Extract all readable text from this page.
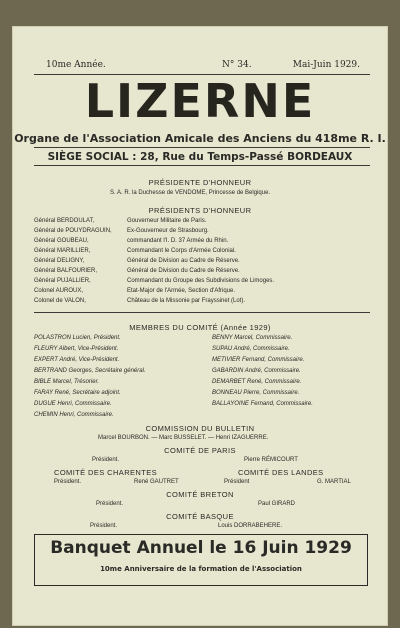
10me Année.	N° 34.	Mai-Juin 1929.
LIZERNE
Organe de l'Association Amicale des Anciens du 418me R. I.
SIÈGE SOCIAL : 28, Rue du Temps-Passé BORDEAUX
PRÉSIDENTE D'HONNEUR
S. A. R. la Duchesse de VENDOME, Princesse de Belgique.
PRÉSIDENTS D'HONNEUR
Général BERDOULAT,	Gouverneur Militaire de Paris.
Général de POUYDRAGUIN,	Ex-Gouverneur de Strasbourg.
Général GOUBEAU,	commandant l'I. D. 37 Armée du Rhin.
Général MARILLIER,	Commandant le Corps d'Armée Colonial.
Général DELIGNY,	Général de Division au Cadre de Réserve.
Général BALFOURIER,	Général de Division du Cadre de Réserve.
Général PUJALLIER,	Commandant du Groupe des Subdivisions de Limoges.
Colonel AUROUX,	Etat-Major de l'Armée, Section d'Afrique.
Colonel de VALON,	Château de la Missonie par Frayssinet (Lot).
MEMBRES DU COMITÉ (Année 1929)
POLASTRON Lucien, Président.
FLEURY Albert, Vice-Président.
EXPERT André, Vice-Président.
BERTRAND Georges, Secrétaire général.
BIBLE Marcel, Trésorier.
FARAY René, Secrétaire adjoint.
DUGUE Henri, Commissaire.
CHEMIN Henri, Commissaire.
BENNY Marcel, Commissaire.
SUPAU André, Commissaire.
METIVIER Fernand, Commissaire.
GABARDIN André, Commissaire.
DEMARBET René, Commissaire.
BONNEAU Pierre, Commissaire.
BALLAYOINE Fernand, Commissaire.
COMMISSION DU BULLETIN
Marcel BOURBON. — Marc BUSSELET. — Henri IZAGUERRE.
COMITÉ DE PARIS
Président.	Pierre RÉMICOURT
COMITÉ DES CHARENTES	COMITÉ DES LANDES
Président.	René GAUTRET	Président	G. MARTIAL
COMITÉ BRETON
Président.	Paul GIRARD
COMITÉ BASQUE
Président.	Louis DORRABEHERE.
Banquet Annuel le 16 Juin 1929
10me Anniversaire de la formation de l'Association
